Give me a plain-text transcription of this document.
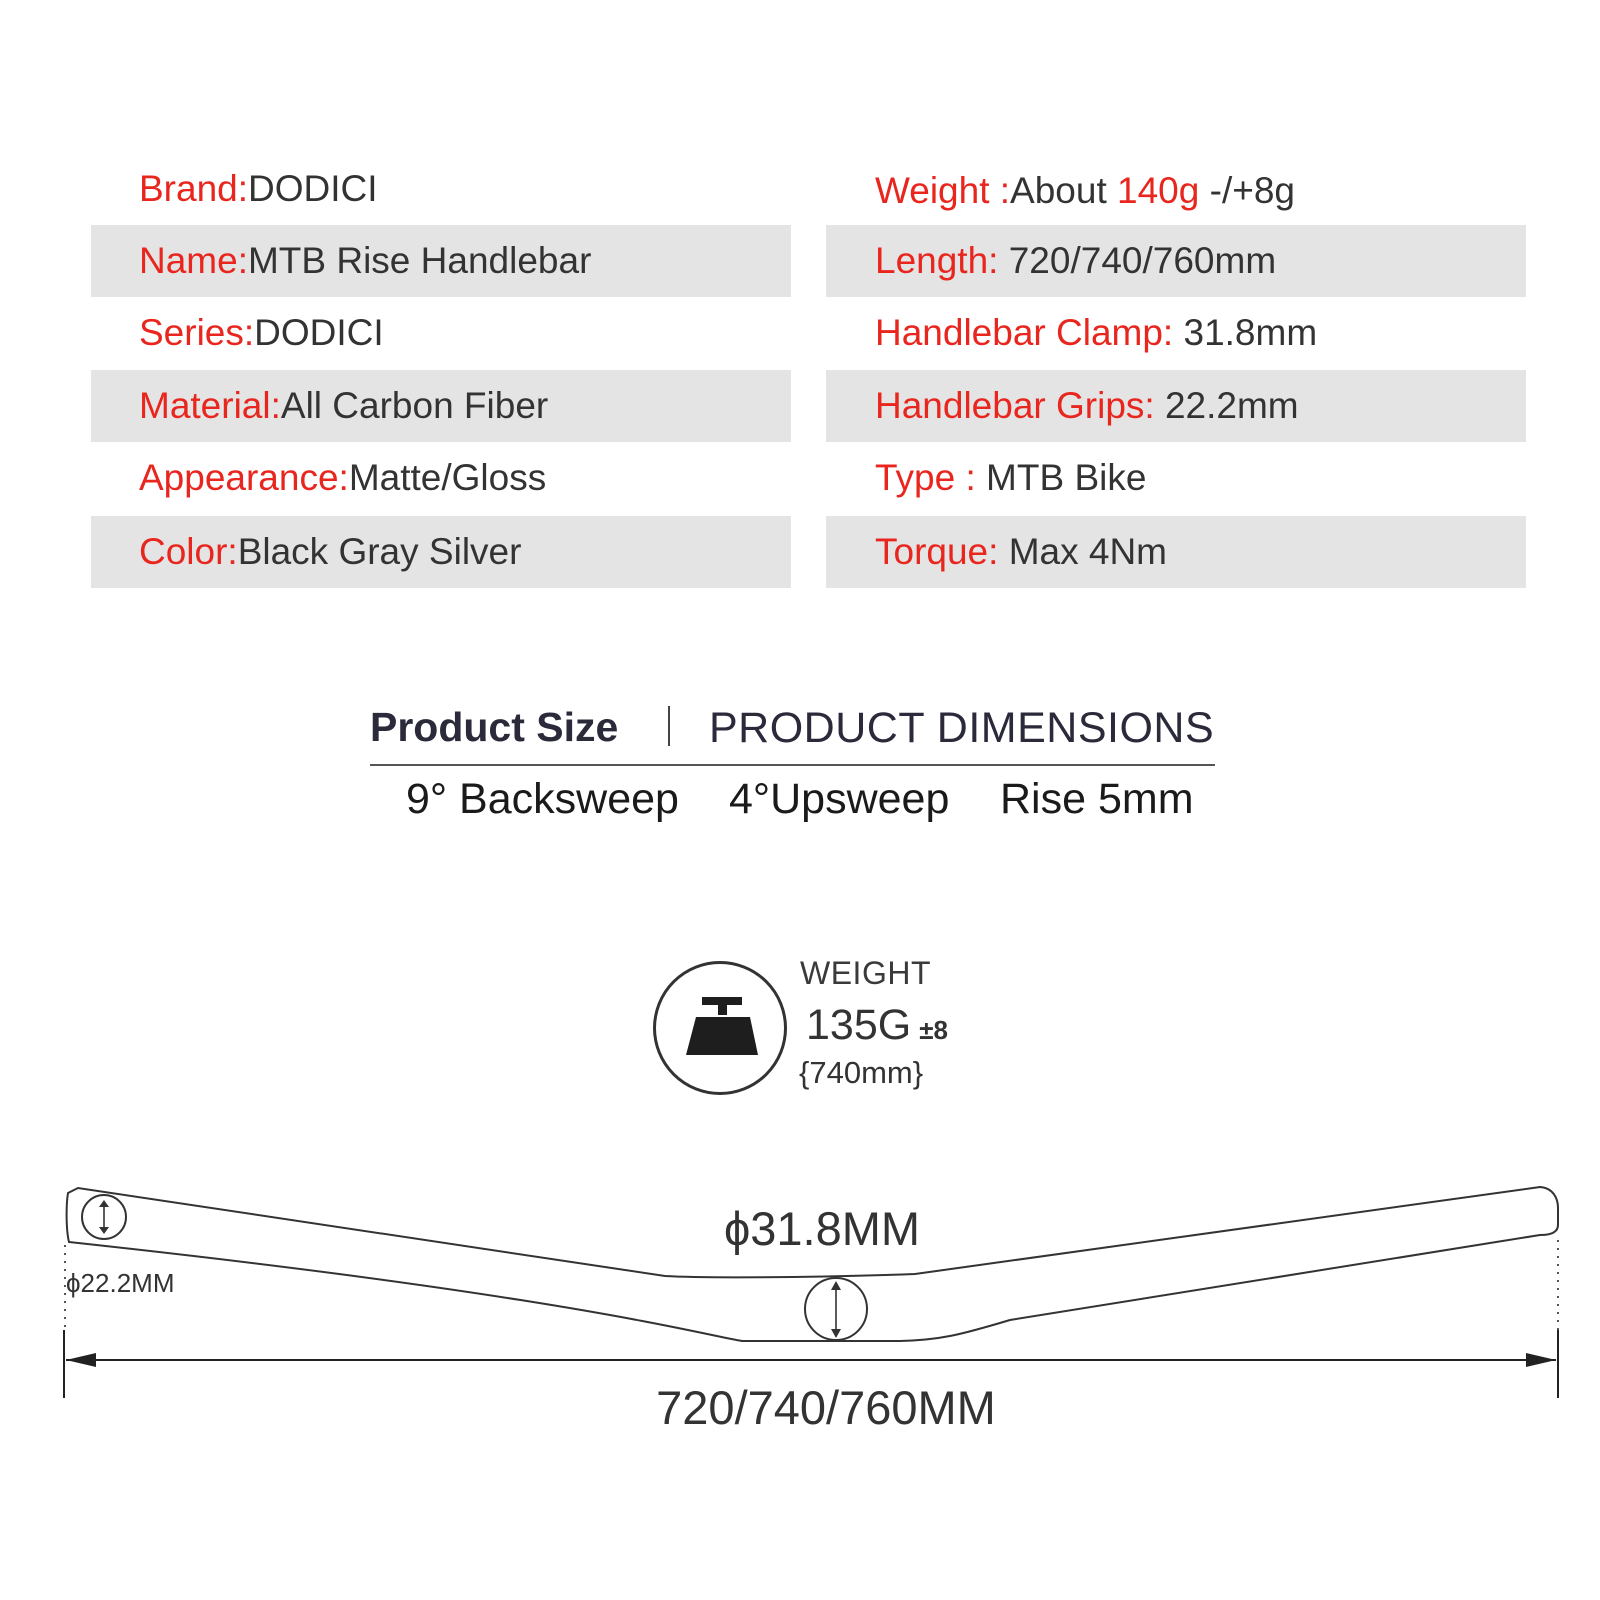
Brand: DODICI
Name: MTB Rise Handlebar
Series: DODICI
Material: All Carbon Fiber
Appearance: Matte/Gloss
Color: Black Gray Silver
Weight : About 140g -/+8g
Length: 720/740/760mm
Handlebar Clamp: 31.8mm
Handlebar Grips: 22.2mm
Type : MTB Bike
Torque: Max 4Nm
Product Size PRODUCT DIMENSIONS
9° Backsweep 4°Upsweep Rise 5mm
WEIGHT
135G ±8
{740mm}
ϕ31.8MM
ϕ22.2MM
720/740/760MM
